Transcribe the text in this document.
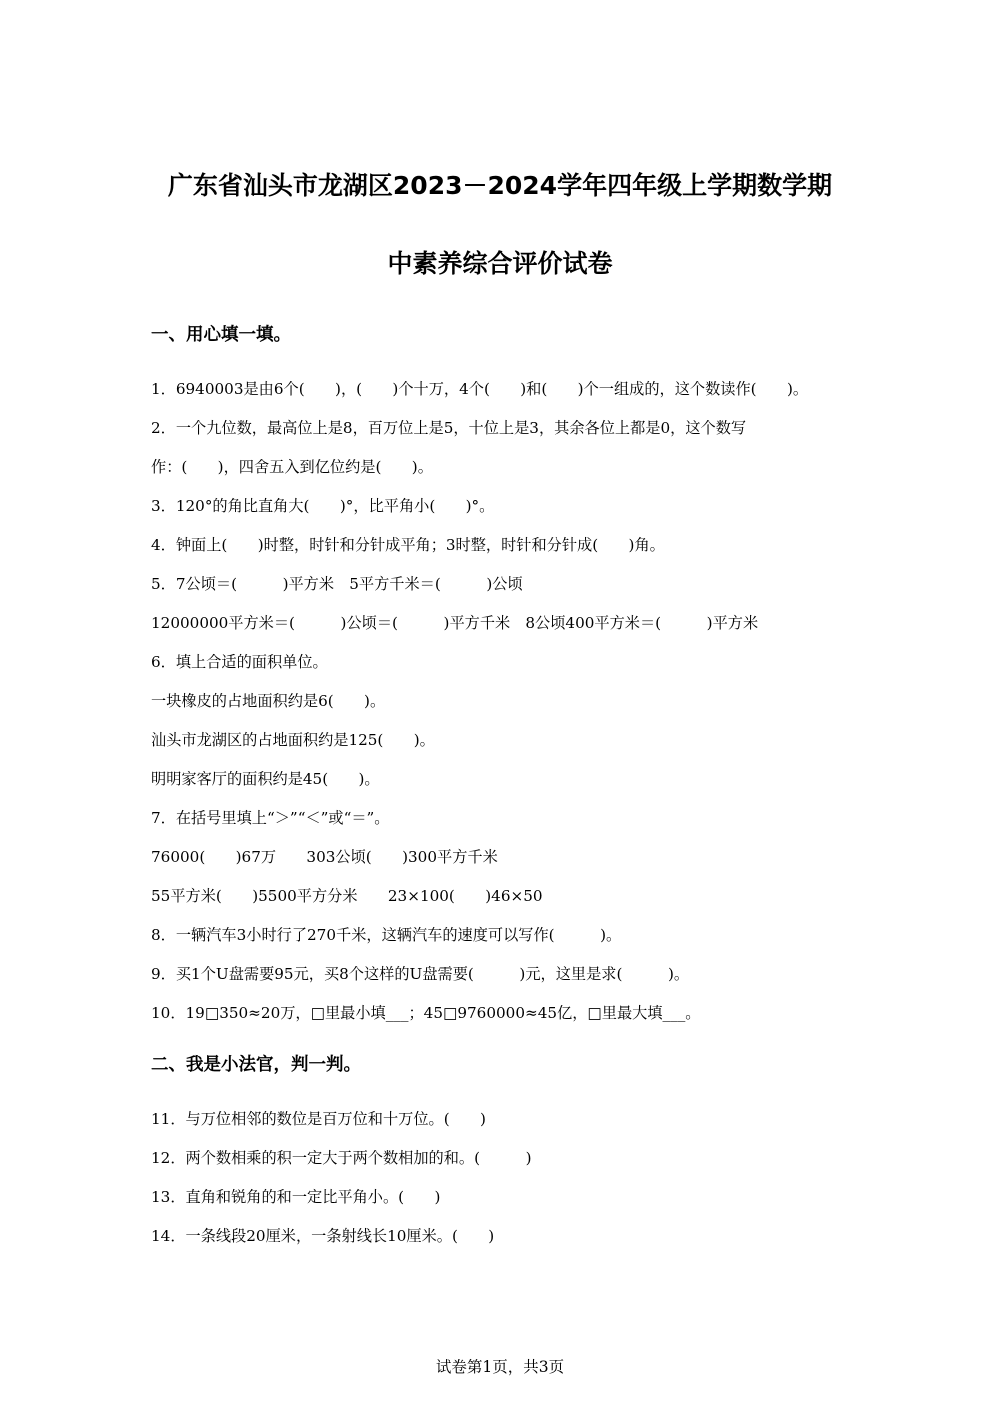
广东省汕头市龙湖区2023－2024学年四年级上学期数学期
中素养综合评价试卷
一、用心填一填。
1．6940003是由6个(　　)，(　　)个十万，4个(　　)和(　　)个一组成的，这个数读作(　　)。
2．一个九位数，最高位上是8，百万位上是5，十位上是3，其余各位上都是0，这个数写
作：(　　)，四舍五入到亿位约是(　　)。
3．120°的角比直角大(　　)°，比平角小(　　)°。
4．钟面上(　　)时整，时针和分针成平角；3时整，时针和分针成(　　)角。
5．7公顷＝(　　　)平方米　5平方千米＝(　　　)公顷
12000000平方米＝(　　　)公顷＝(　　　)平方千米　8公顷400平方米＝(　　　)平方米
6．填上合适的面积单位。
一块橡皮的占地面积约是6(　　)。
汕头市龙湖区的占地面积约是125(　　)。
明明家客厅的面积约是45(　　)。
7．在括号里填上“＞”“＜”或“＝”。
76000(　　)67万　　303公顷(　　)300平方千米
55平方米(　　)5500平方分米　　23×100(　　)46×50
8．一辆汽车3小时行了270千米，这辆汽车的速度可以写作(　　　)。
9．买1个U盘需要95元，买8个这样的U盘需要(　　　)元，这里是求(　　　)。
10．19□350≈20万，□里最小填___；45□9760000≈45亿，□里最大填___。
二、我是小法官，判一判。
11．与万位相邻的数位是百万位和十万位。(　　)
12．两个数相乘的积一定大于两个数相加的和。(　　　)
13．直角和锐角的和一定比平角小。(　　)
14．一条线段20厘米，一条射线长10厘米。(　　)
试卷第1页，共3页
